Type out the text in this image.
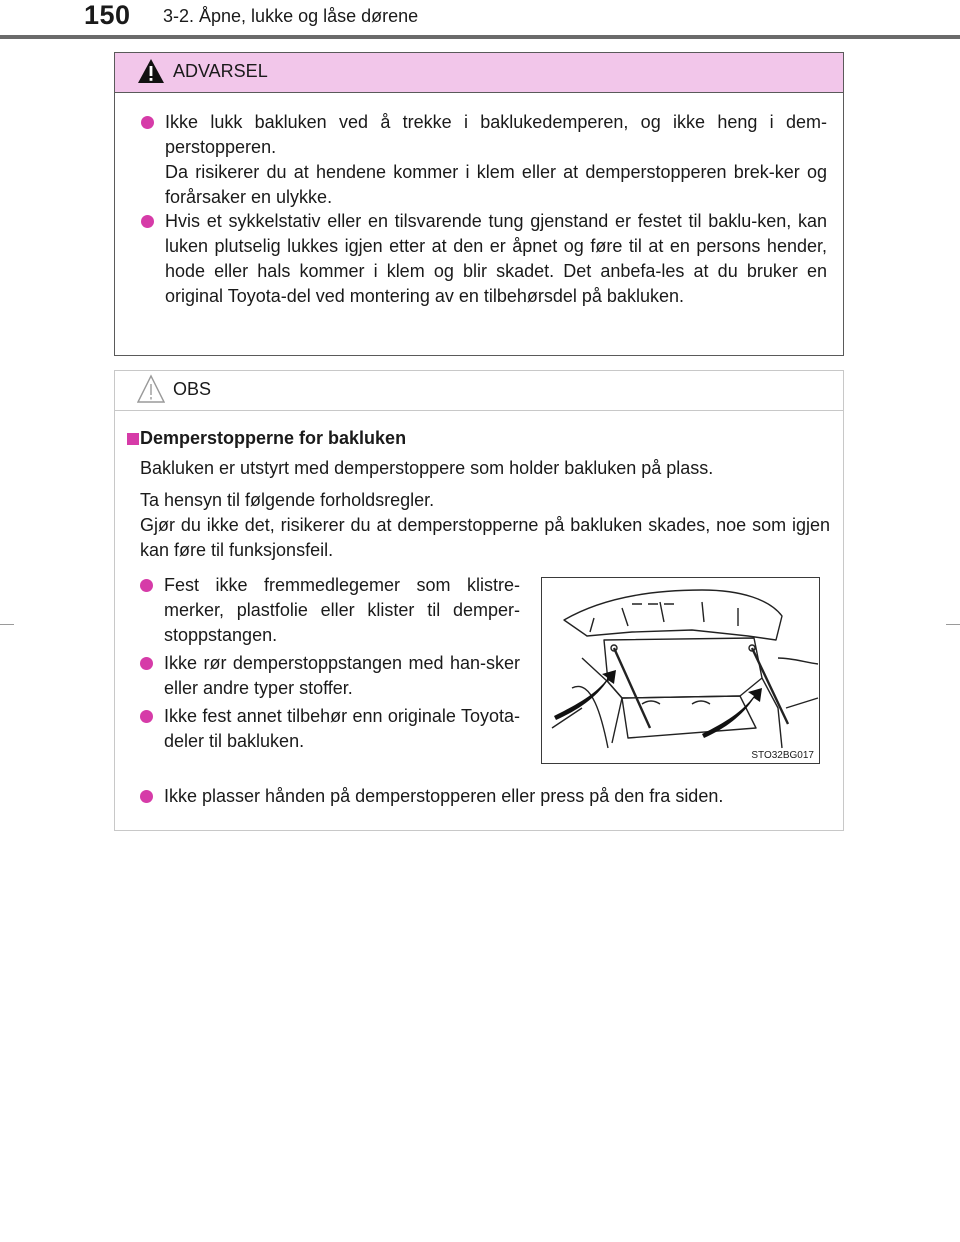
150 3-2. Åpne, lukke og låse dørene
ADVARSEL
Ikke lukk bakluken ved å trekke i baklukedemperen, og ikke heng i dem-perstopperen.
Da risikerer du at hendene kommer i klem eller at demperstopperen brek-ker og forårsaker en ulykke.
Hvis et sykkelstativ eller en tilsvarende tung gjenstand er festet til baklu-ken, kan luken plutselig lukkes igjen etter at den er åpnet og føre til at en persons hender, hode eller hals kommer i klem og blir skadet. Det anbefa-les at du bruker en original Toyota-del ved montering av en tilbehørsdel på bakluken.
OBS
Demperstopperne for bakluken
Bakluken er utstyrt med demperstoppere som holder bakluken på plass.
Ta hensyn til følgende forholdsregler.
Gjør du ikke det, risikerer du at demperstopperne på bakluken skades, noe som igjen kan føre til funksjonsfeil.
Fest ikke fremmedlegemer som klistre-merker, plastfolie eller klister til demper-stoppstangen.
Ikke rør demperstoppstangen med han-sker eller andre typer stoffer.
Ikke fest annet tilbehør enn originale Toyota-deler til bakluken.
STO32BG017
Ikke plasser hånden på demperstopperen eller press på den fra siden.
